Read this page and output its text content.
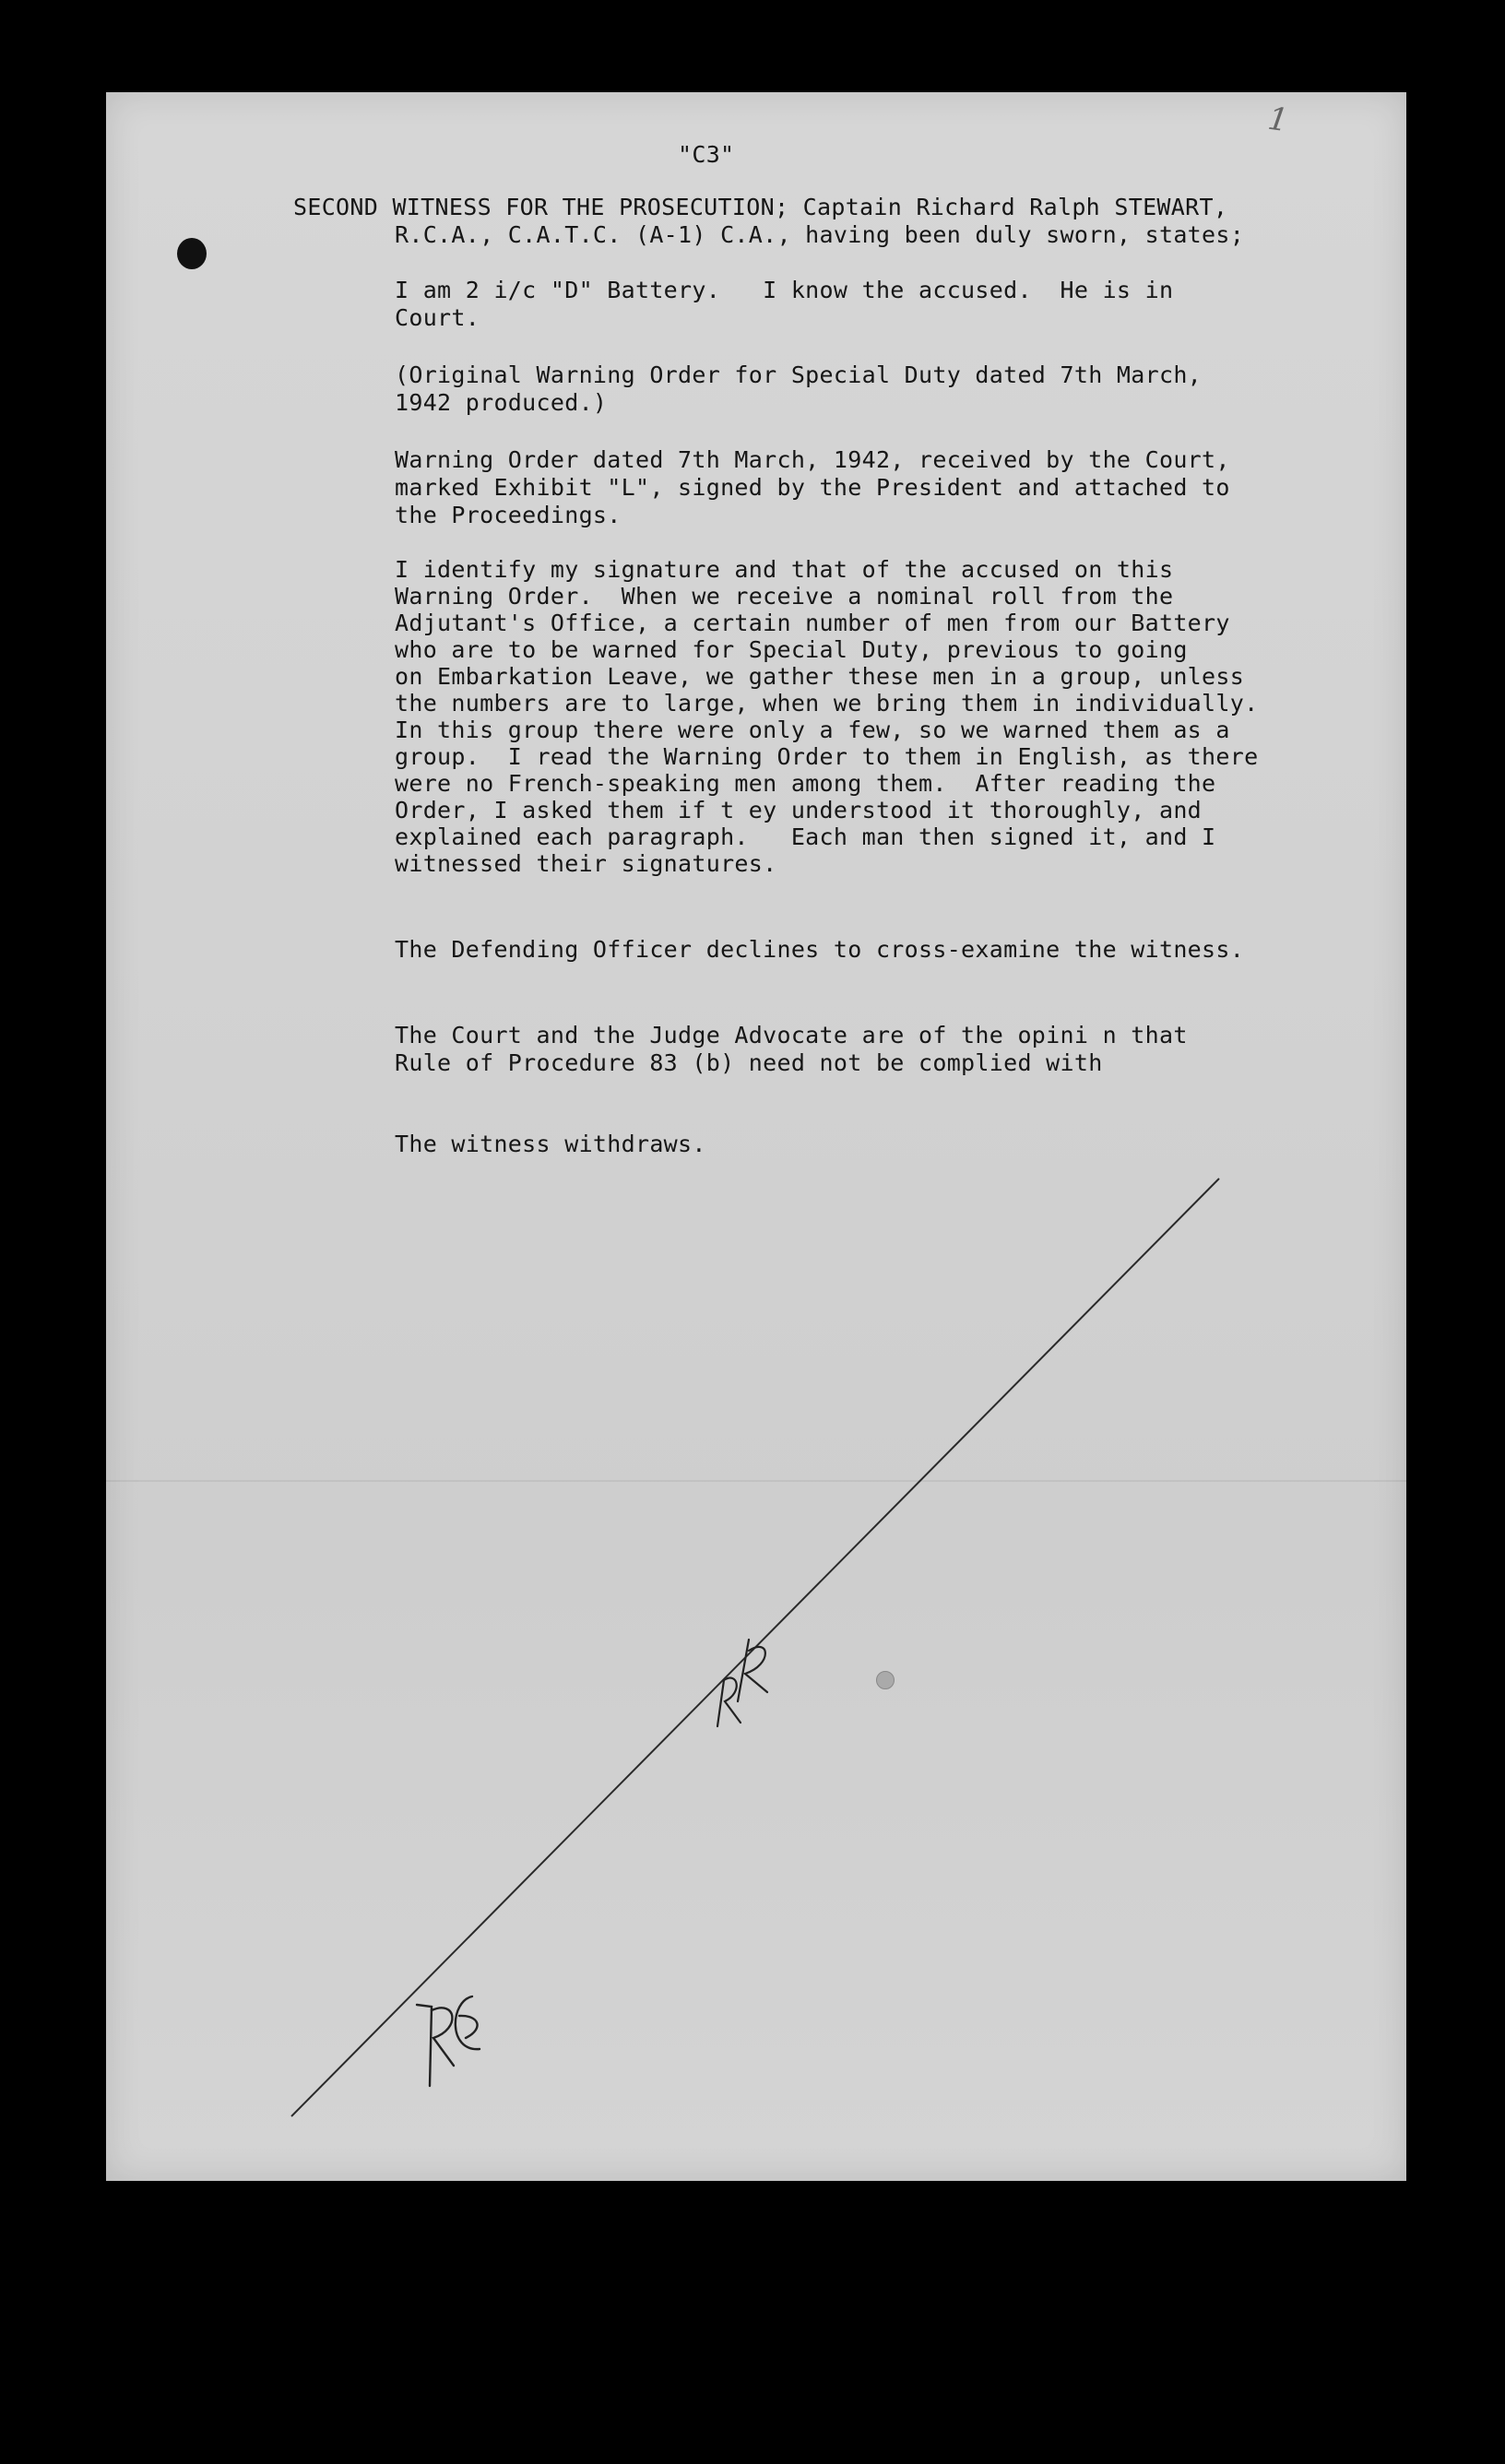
1
"C3"
SECOND WITNESS FOR THE PROSECUTION; Captain Richard Ralph STEWART,
R.C.A., C.A.T.C. (A-1) C.A., having been duly sworn, states;
I am 2 i/c "D" Battery.   I know the accused.  He is in
Court.
(Original Warning Order for Special Duty dated 7th March,
1942 produced.)
Warning Order dated 7th March, 1942, received by the Court,
marked Exhibit "L", signed by the President and attached to
the Proceedings.
I identify my signature and that of the accused on this
Warning Order.  When we receive a nominal roll from the
Adjutant's Office, a certain number of men from our Battery
who are to be warned for Special Duty, previous to going
on Embarkation Leave, we gather these men in a group, unless
the numbers are to large, when we bring them in individually.
In this group there were only a few, so we warned them as a
group.  I read the Warning Order to them in English, as there
were no French-speaking men among them.  After reading the
Order, I asked them if t ey understood it thoroughly, and
explained each paragraph.   Each man then signed it, and I
witnessed their signatures.
The Defending Officer declines to cross-examine the witness.
The Court and the Judge Advocate are of the opini n that
Rule of Procedure 83 (b) need not be complied with
The witness withdraws.
